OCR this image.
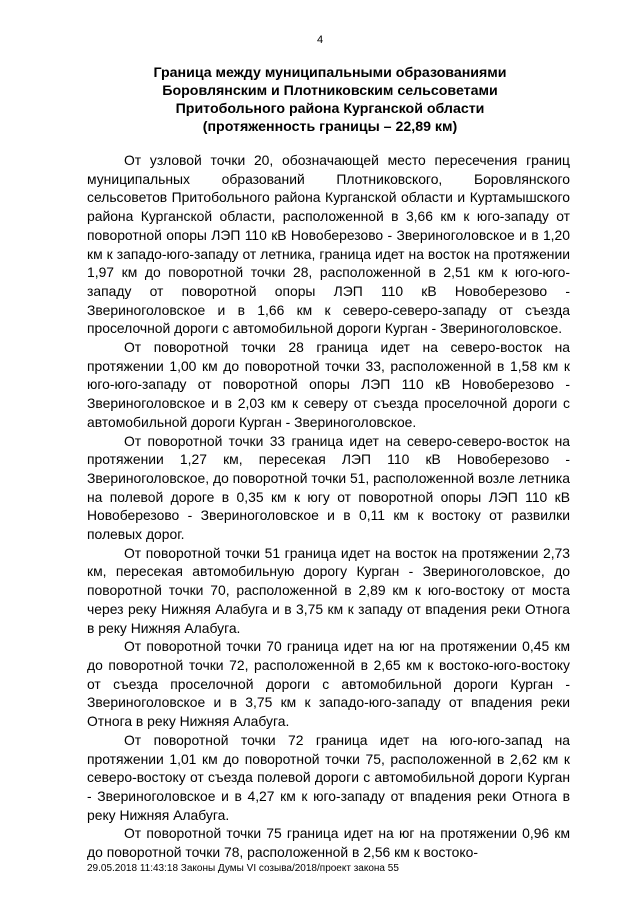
4
Граница между муниципальными образованиями
Боровлянским и Плотниковским сельсоветами
Притобольного района Курганской области
(протяженность границы – 22,89 км)

От узловой точки 20, обозначающей место пересечения границ муниципальных образований Плотниковского, Боровлянского сельсоветов Притобольного района Курганской области и Куртамышского района Курганской области, расположенной в 3,66 км к юго-западу от поворотной опоры ЛЭП 110 кВ Новоберезово - Звериноголовское и в 1,20 км к западо-юго-западу от летника, граница идет на восток на протяжении 1,97 км до поворотной точки 28, расположенной в 2,51 км к юго-юго-западу от поворотной опоры ЛЭП 110 кВ Новоберезово - Звериноголовское и в 1,66 км к северо-северо-западу от съезда проселочной дороги с автомобильной дороги Курган - Звериноголовское.

От поворотной точки 28 граница идет на северо-восток на протяжении 1,00 км до поворотной точки 33, расположенной в 1,58 км к юго-юго-западу от поворотной опоры ЛЭП 110 кВ Новоберезово - Звериноголовское и в 2,03 км к северу от съезда проселочной дороги с автомобильной дороги Курган - Звериноголовское.

От поворотной точки 33 граница идет на северо-северо-восток на протяжении 1,27 км, пересекая ЛЭП 110 кВ Новоберезово - Звериноголовское, до поворотной точки 51, расположенной возле летника на полевой дороге в 0,35 км к югу от поворотной опоры ЛЭП 110 кВ Новоберезово - Звериноголовское и в 0,11 км к востоку от развилки полевых дорог.

От поворотной точки 51 граница идет на восток на протяжении 2,73 км, пересекая автомобильную дорогу Курган - Звериноголовское, до поворотной точки 70, расположенной в 2,89 км к юго-востоку от моста через реку Нижняя Алабуга и в 3,75 км к западу от впадения реки Отнога в реку Нижняя Алабуга.

От поворотной точки 70 граница идет на юг на протяжении 0,45 км до поворотной точки 72, расположенной в 2,65 км к востоко-юго-востоку от съезда проселочной дороги с автомобильной дороги Курган - Звериноголовское и в 3,75 км к западо-юго-западу от впадения реки Отнога в реку Нижняя Алабуга.

От поворотной точки 72 граница идет на юго-юго-запад на протяжении 1,01 км до поворотной точки 75, расположенной в 2,62 км к северо-востоку от съезда полевой дороги с автомобильной дороги Курган - Звериноголовское и в 4,27 км к юго-западу от впадения реки Отнога в реку Нижняя Алабуга.

От поворотной точки 75 граница идет на юг на протяжении 0,96 км до поворотной точки 78, расположенной в 2,56 км к востоко-

29.05.2018 11:43:18 Законы Думы VI созыва/2018/проект закона 55
